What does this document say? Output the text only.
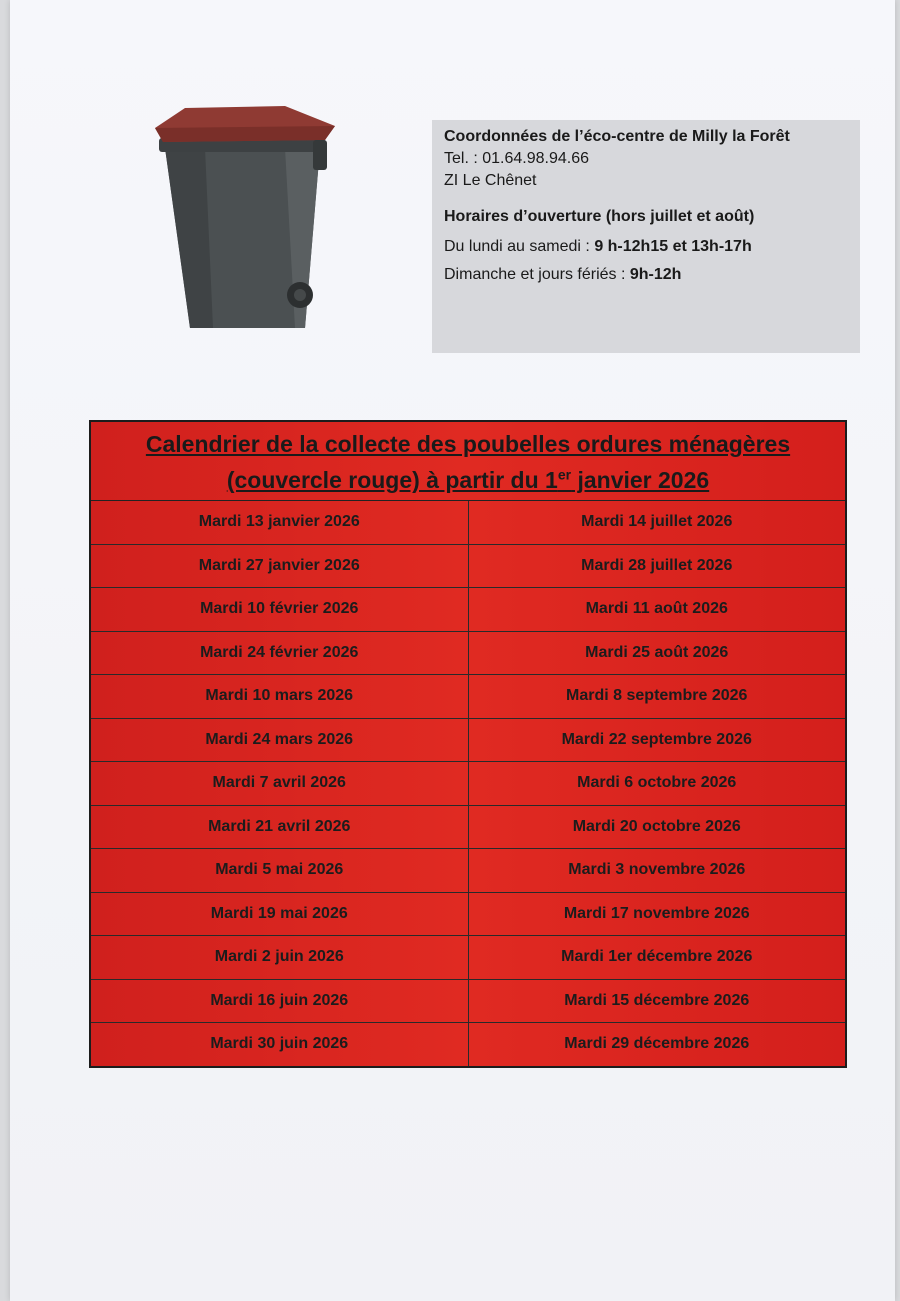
Coordonnées de l’éco-centre de Milly la Forêt
Tel. : 01.64.98.94.66
ZI Le Chênet
Horaires d’ouverture (hors juillet et août)
Du lundi au samedi : 9 h-12h15 et 13h-17h
Dimanche et jours fériés : 9h-12h
Calendrier de la collecte des poubelles ordures ménagères (couvercle rouge) à partir du 1er janvier 2026
Mardi 13 janvier 2026	Mardi 14 juillet 2026
Mardi 27 janvier 2026	Mardi 28 juillet 2026
Mardi 10 février 2026	Mardi 11 août 2026
Mardi 24 février 2026	Mardi 25 août 2026
Mardi 10 mars 2026	Mardi 8 septembre 2026
Mardi 24 mars 2026	Mardi 22 septembre 2026
Mardi 7 avril 2026	Mardi 6 octobre 2026
Mardi 21 avril 2026	Mardi 20 octobre 2026
Mardi 5 mai 2026	Mardi 3 novembre 2026
Mardi 19 mai 2026	Mardi 17 novembre 2026
Mardi 2 juin 2026	Mardi 1er décembre 2026
Mardi 16 juin 2026	Mardi 15 décembre 2026
Mardi 30 juin 2026	Mardi 29 décembre 2026
